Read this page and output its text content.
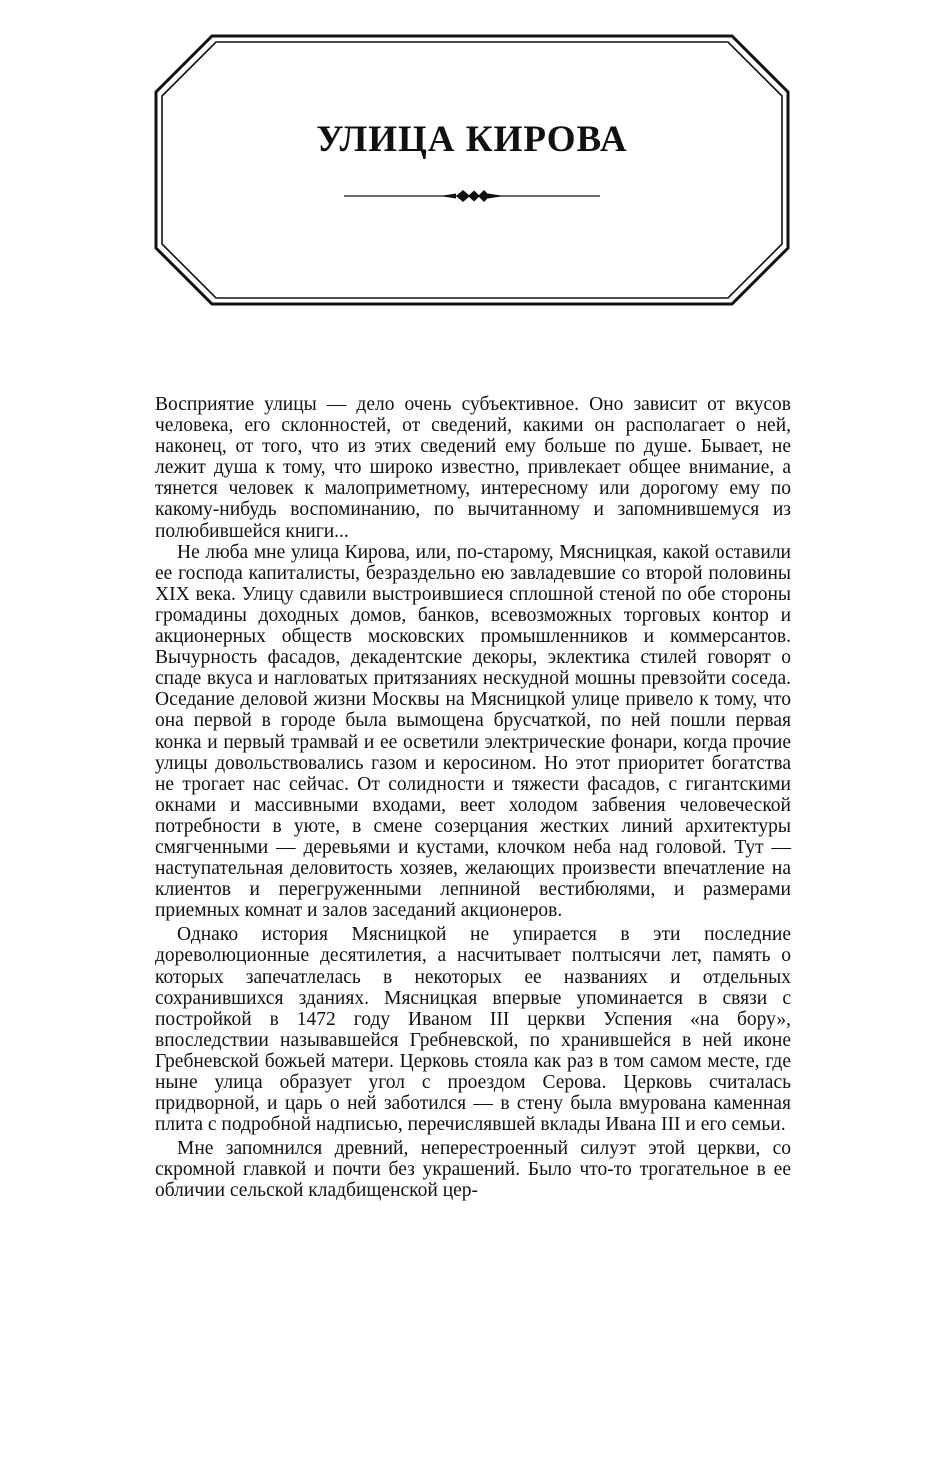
УЛИЦА КИРОВА

Восприятие улицы — дело очень субъективное. Оно зависит от вкусов человека, его склонностей, от сведений, какими он располагает о ней, наконец, от того, что из этих сведений ему больше по душе. Бывает, не лежит душа к тому, что широко известно, привлекает общее внимание, а тянется человек к малоприметному, интересному или дорогому ему по какому-нибудь воспоминанию, по вычитанному и запомнившемуся из полюбившейся книги...

Не люба мне улица Кирова, или, по-старому, Мясницкая, какой оставили ее господа капиталисты, безраздельно ею завладевшие со второй половины XIX века. Улицу сдавили выстроившиеся сплошной стеной по обе стороны громадины доходных домов, банков, всевозможных торговых контор и акционерных обществ московских промышленников и коммерсантов. Вычурность фасадов, декадентские декоры, эклектика стилей говорят о спаде вкуса и нагловатых притязаниях нескудной мошны превзойти соседа. Оседание деловой жизни Москвы на Мясницкой улице привело к тому, что она первой в городе была вымощена брусчаткой, по ней пошли первая конка и первый трамвай и ее осветили электрические фонари, когда прочие улицы довольствовались газом и керосином. Но этот приоритет богатства не трогает нас сейчас. От солидности и тяжести фасадов, с гигантскими окнами и массивными входами, веет холодом забвения человеческой потребности в уюте, в смене созерцания жестких линий архитектуры смягченными — деревьями и кустами, клочком неба над головой. Тут — наступательная деловитость хозяев, желающих произвести впечатление на клиентов и перегруженными лепниной вестибюлями, и размерами приемных комнат и залов заседаний акционеров.

Однако история Мясницкой не упирается в эти последние дореволюционные десятилетия, а насчитывает полтысячи лет, память о которых запечатлелась в некоторых ее названиях и отдельных сохранившихся зданиях. Мясницкая впервые упоминается в связи с постройкой в 1472 году Иваном III церкви Успения «на бору», впоследствии называвшейся Гребневской, по хранившейся в ней иконе Гребневской божьей матери. Церковь стояла как раз в том самом месте, где ныне улица образует угол с проездом Серова. Церковь считалась придворной, и царь о ней заботился — в стену была вмурована каменная плита с подробной надписью, перечислявшей вклады Ивана III и его семьи.

Мне запомнился древний, неперестроенный силуэт этой церкви, со скромной главкой и почти без украшений. Было что-то трогательное в ее обличии сельской кладбищенской цер-
